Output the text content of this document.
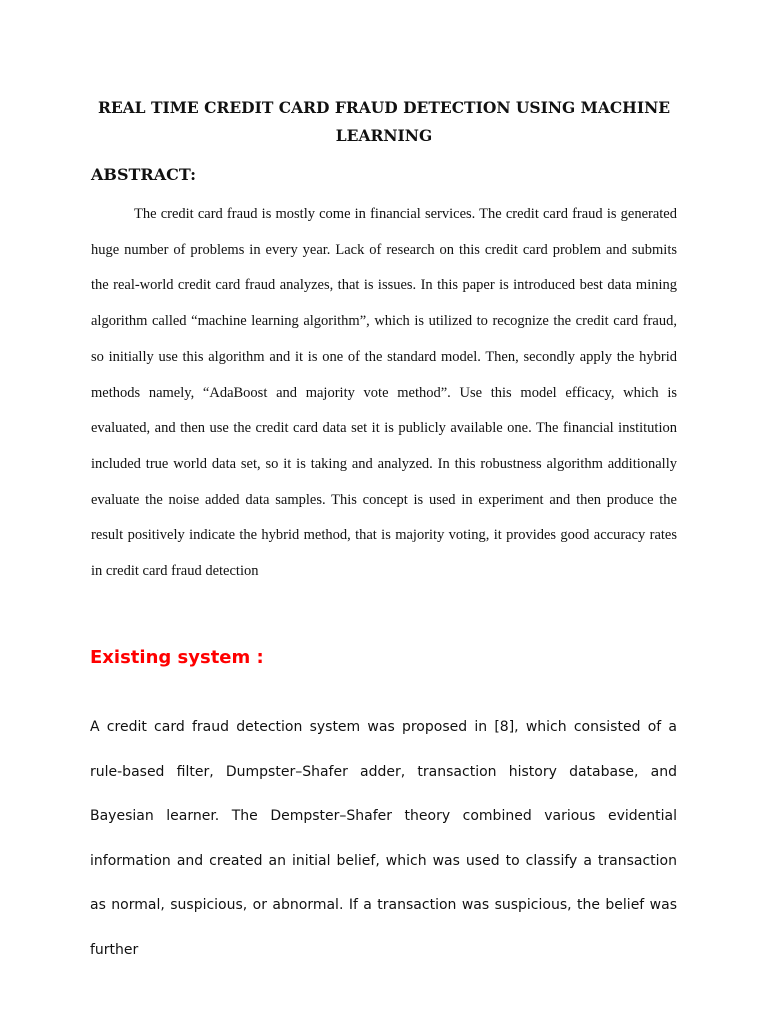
REAL TIME CREDIT CARD FRAUD DETECTION USING MACHINE LEARNING
ABSTRACT:

The credit card fraud is mostly come in financial services. The credit card fraud is generated huge number of problems in every year. Lack of research on this credit card problem and submits the real-world credit card fraud analyzes, that is issues. In this paper is introduced best data mining algorithm called “machine learning algorithm”, which is utilized to recognize the credit card fraud, so initially use this algorithm and it is one of the standard model. Then, secondly apply the hybrid methods namely, “AdaBoost and majority vote method”. Use this model efficacy, which is evaluated, and then use the credit card data set it is publicly available one. The financial institution included true world data set, so it is taking and analyzed. In this robustness algorithm additionally evaluate the noise added data samples. This concept is used in experiment and then produce the result positively indicate the hybrid method, that is majority voting, it provides good accuracy rates in credit card fraud detection

Existing system :

A credit card fraud detection system was proposed in [8], which consisted of a rule-based filter, Dumpster–Shafer adder, transaction history database, and Bayesian learner. The Dempster–Shafer theory combined various evidential information and created an initial belief, which was used to classify a transaction as normal, suspicious, or abnormal. If a transaction was suspicious, the belief was further
